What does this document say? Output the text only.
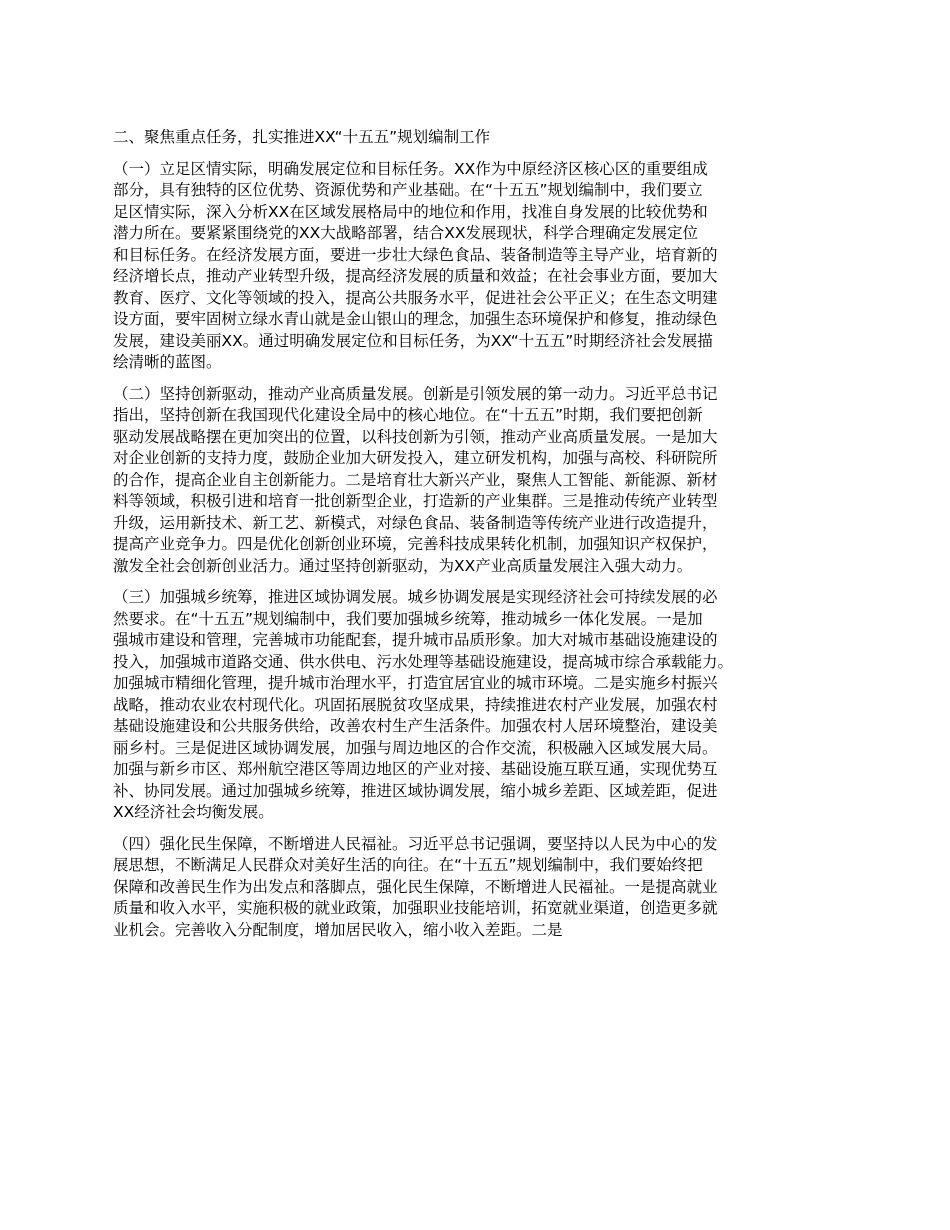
二、聚焦重点任务，扎实推进XX“十五五”规划编制工作
（一）立足区情实际，明确发展定位和目标任务。XX作为中原经济区核心区的重要组成
部分，具有独特的区位优势、资源优势和产业基础。在“十五五”规划编制中，我们要立
足区情实际，深入分析XX在区域发展格局中的地位和作用，找准自身发展的比较优势和
潜力所在。要紧紧围绕党的XX大战略部署，结合XX发展现状，科学合理确定发展定位
和目标任务。在经济发展方面，要进一步壮大绿色食品、装备制造等主导产业，培育新的
经济增长点，推动产业转型升级，提高经济发展的质量和效益；在社会事业方面，要加大
教育、医疗、文化等领域的投入，提高公共服务水平，促进社会公平正义；在生态文明建
设方面，要牢固树立绿水青山就是金山银山的理念，加强生态环境保护和修复，推动绿色
发展，建设美丽XX。通过明确发展定位和目标任务，为XX“十五五”时期经济社会发展描
绘清晰的蓝图。
（二）坚持创新驱动，推动产业高质量发展。创新是引领发展的第一动力。习近平总书记
指出，坚持创新在我国现代化建设全局中的核心地位。在“十五五”时期，我们要把创新
驱动发展战略摆在更加突出的位置，以科技创新为引领，推动产业高质量发展。一是加大
对企业创新的支持力度，鼓励企业加大研发投入，建立研发机构，加强与高校、科研院所
的合作，提高企业自主创新能力。二是培育壮大新兴产业，聚焦人工智能、新能源、新材
料等领域，积极引进和培育一批创新型企业，打造新的产业集群。三是推动传统产业转型
升级，运用新技术、新工艺、新模式，对绿色食品、装备制造等传统产业进行改造提升，
提高产业竞争力。四是优化创新创业环境，完善科技成果转化机制，加强知识产权保护，
激发全社会创新创业活力。通过坚持创新驱动，为XX产业高质量发展注入强大动力。
（三）加强城乡统筹，推进区域协调发展。城乡协调发展是实现经济社会可持续发展的必
然要求。在“十五五”规划编制中，我们要加强城乡统筹，推动城乡一体化发展。一是加
强城市建设和管理，完善城市功能配套，提升城市品质形象。加大对城市基础设施建设的
投入，加强城市道路交通、供水供电、污水处理等基础设施建设，提高城市综合承载能力。
加强城市精细化管理，提升城市治理水平，打造宜居宜业的城市环境。二是实施乡村振兴
战略，推动农业农村现代化。巩固拓展脱贫攻坚成果，持续推进农村产业发展，加强农村
基础设施建设和公共服务供给，改善农村生产生活条件。加强农村人居环境整治，建设美
丽乡村。三是促进区域协调发展，加强与周边地区的合作交流，积极融入区域发展大局。
加强与新乡市区、郑州航空港区等周边地区的产业对接、基础设施互联互通，实现优势互
补、协同发展。通过加强城乡统筹，推进区域协调发展，缩小城乡差距、区域差距，促进
XX经济社会均衡发展。
（四）强化民生保障，不断增进人民福祉。习近平总书记强调，要坚持以人民为中心的发
展思想，不断满足人民群众对美好生活的向往。在“十五五”规划编制中，我们要始终把
保障和改善民生作为出发点和落脚点，强化民生保障，不断增进人民福祉。一是提高就业
质量和收入水平，实施积极的就业政策，加强职业技能培训，拓宽就业渠道，创造更多就
业机会。完善收入分配制度，增加居民收入，缩小收入差距。二是
